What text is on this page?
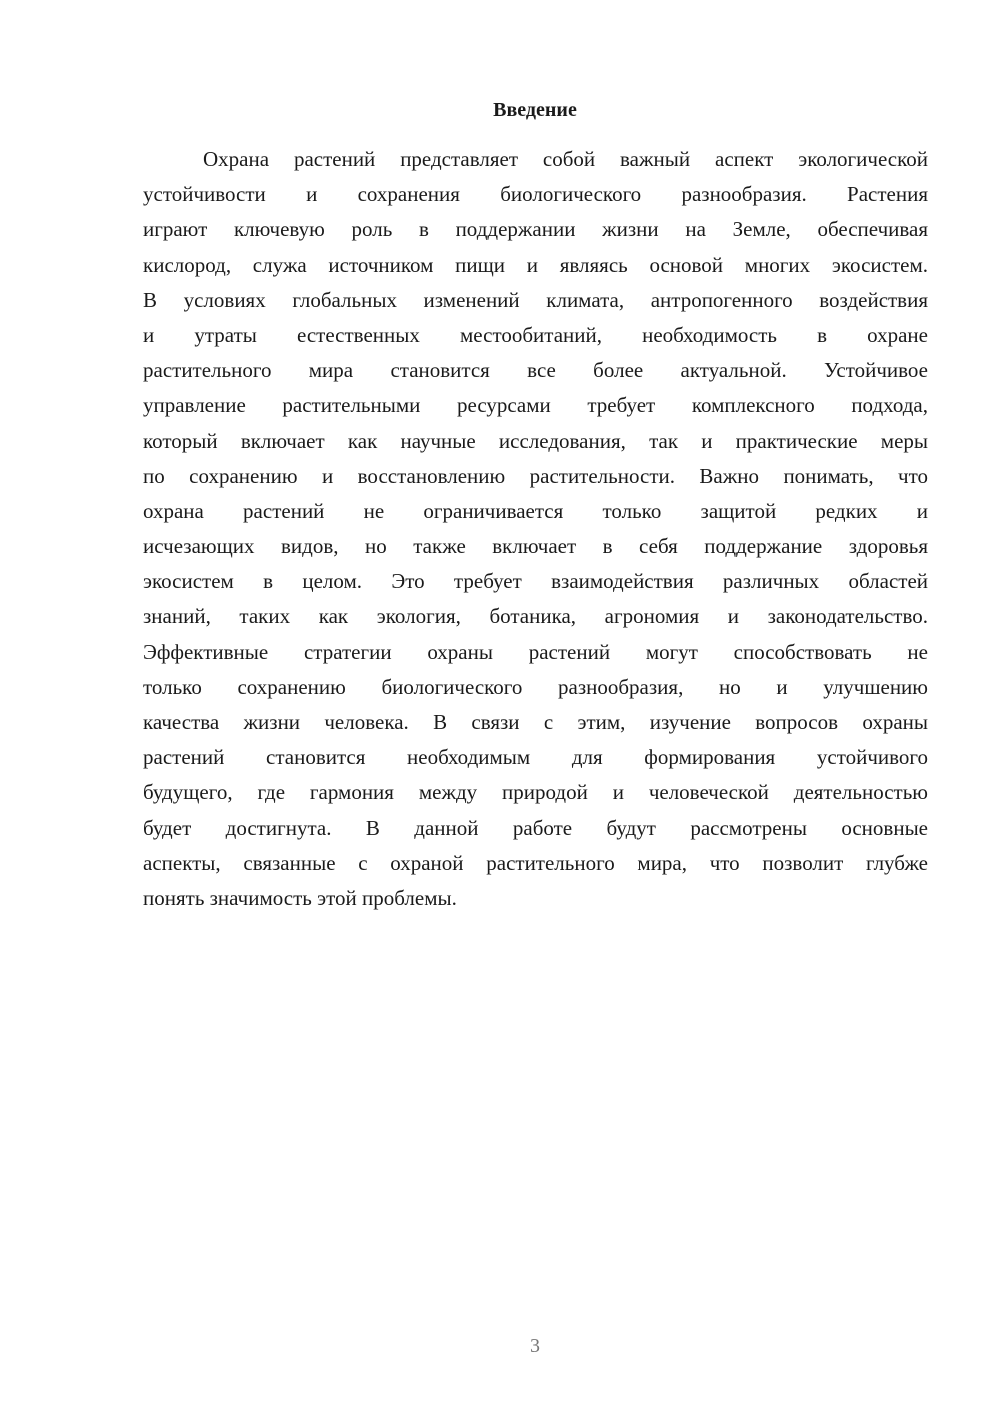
Введение
Охрана растений представляет собой важный аспект экологической
устойчивости и сохранения биологического разнообразия. Растения
играют ключевую роль в поддержании жизни на Земле, обеспечивая
кислород, служа источником пищи и являясь основой многих экосистем.
В условиях глобальных изменений климата, антропогенного воздействия
и утраты естественных местообитаний, необходимость в охране
растительного мира становится все более актуальной. Устойчивое
управление растительными ресурсами требует комплексного подхода,
который включает как научные исследования, так и практические меры
по сохранению и восстановлению растительности. Важно понимать, что
охрана растений не ограничивается только защитой редких и
исчезающих видов, но также включает в себя поддержание здоровья
экосистем в целом. Это требует взаимодействия различных областей
знаний, таких как экология, ботаника, агрономия и законодательство.
Эффективные стратегии охраны растений могут способствовать не
только сохранению биологического разнообразия, но и улучшению
качества жизни человека. В связи с этим, изучение вопросов охраны
растений становится необходимым для формирования устойчивого
будущего, где гармония между природой и человеческой деятельностью
будет достигнута. В данной работе будут рассмотрены основные
аспекты, связанные с охраной растительного мира, что позволит глубже
понять значимость этой проблемы.
3
